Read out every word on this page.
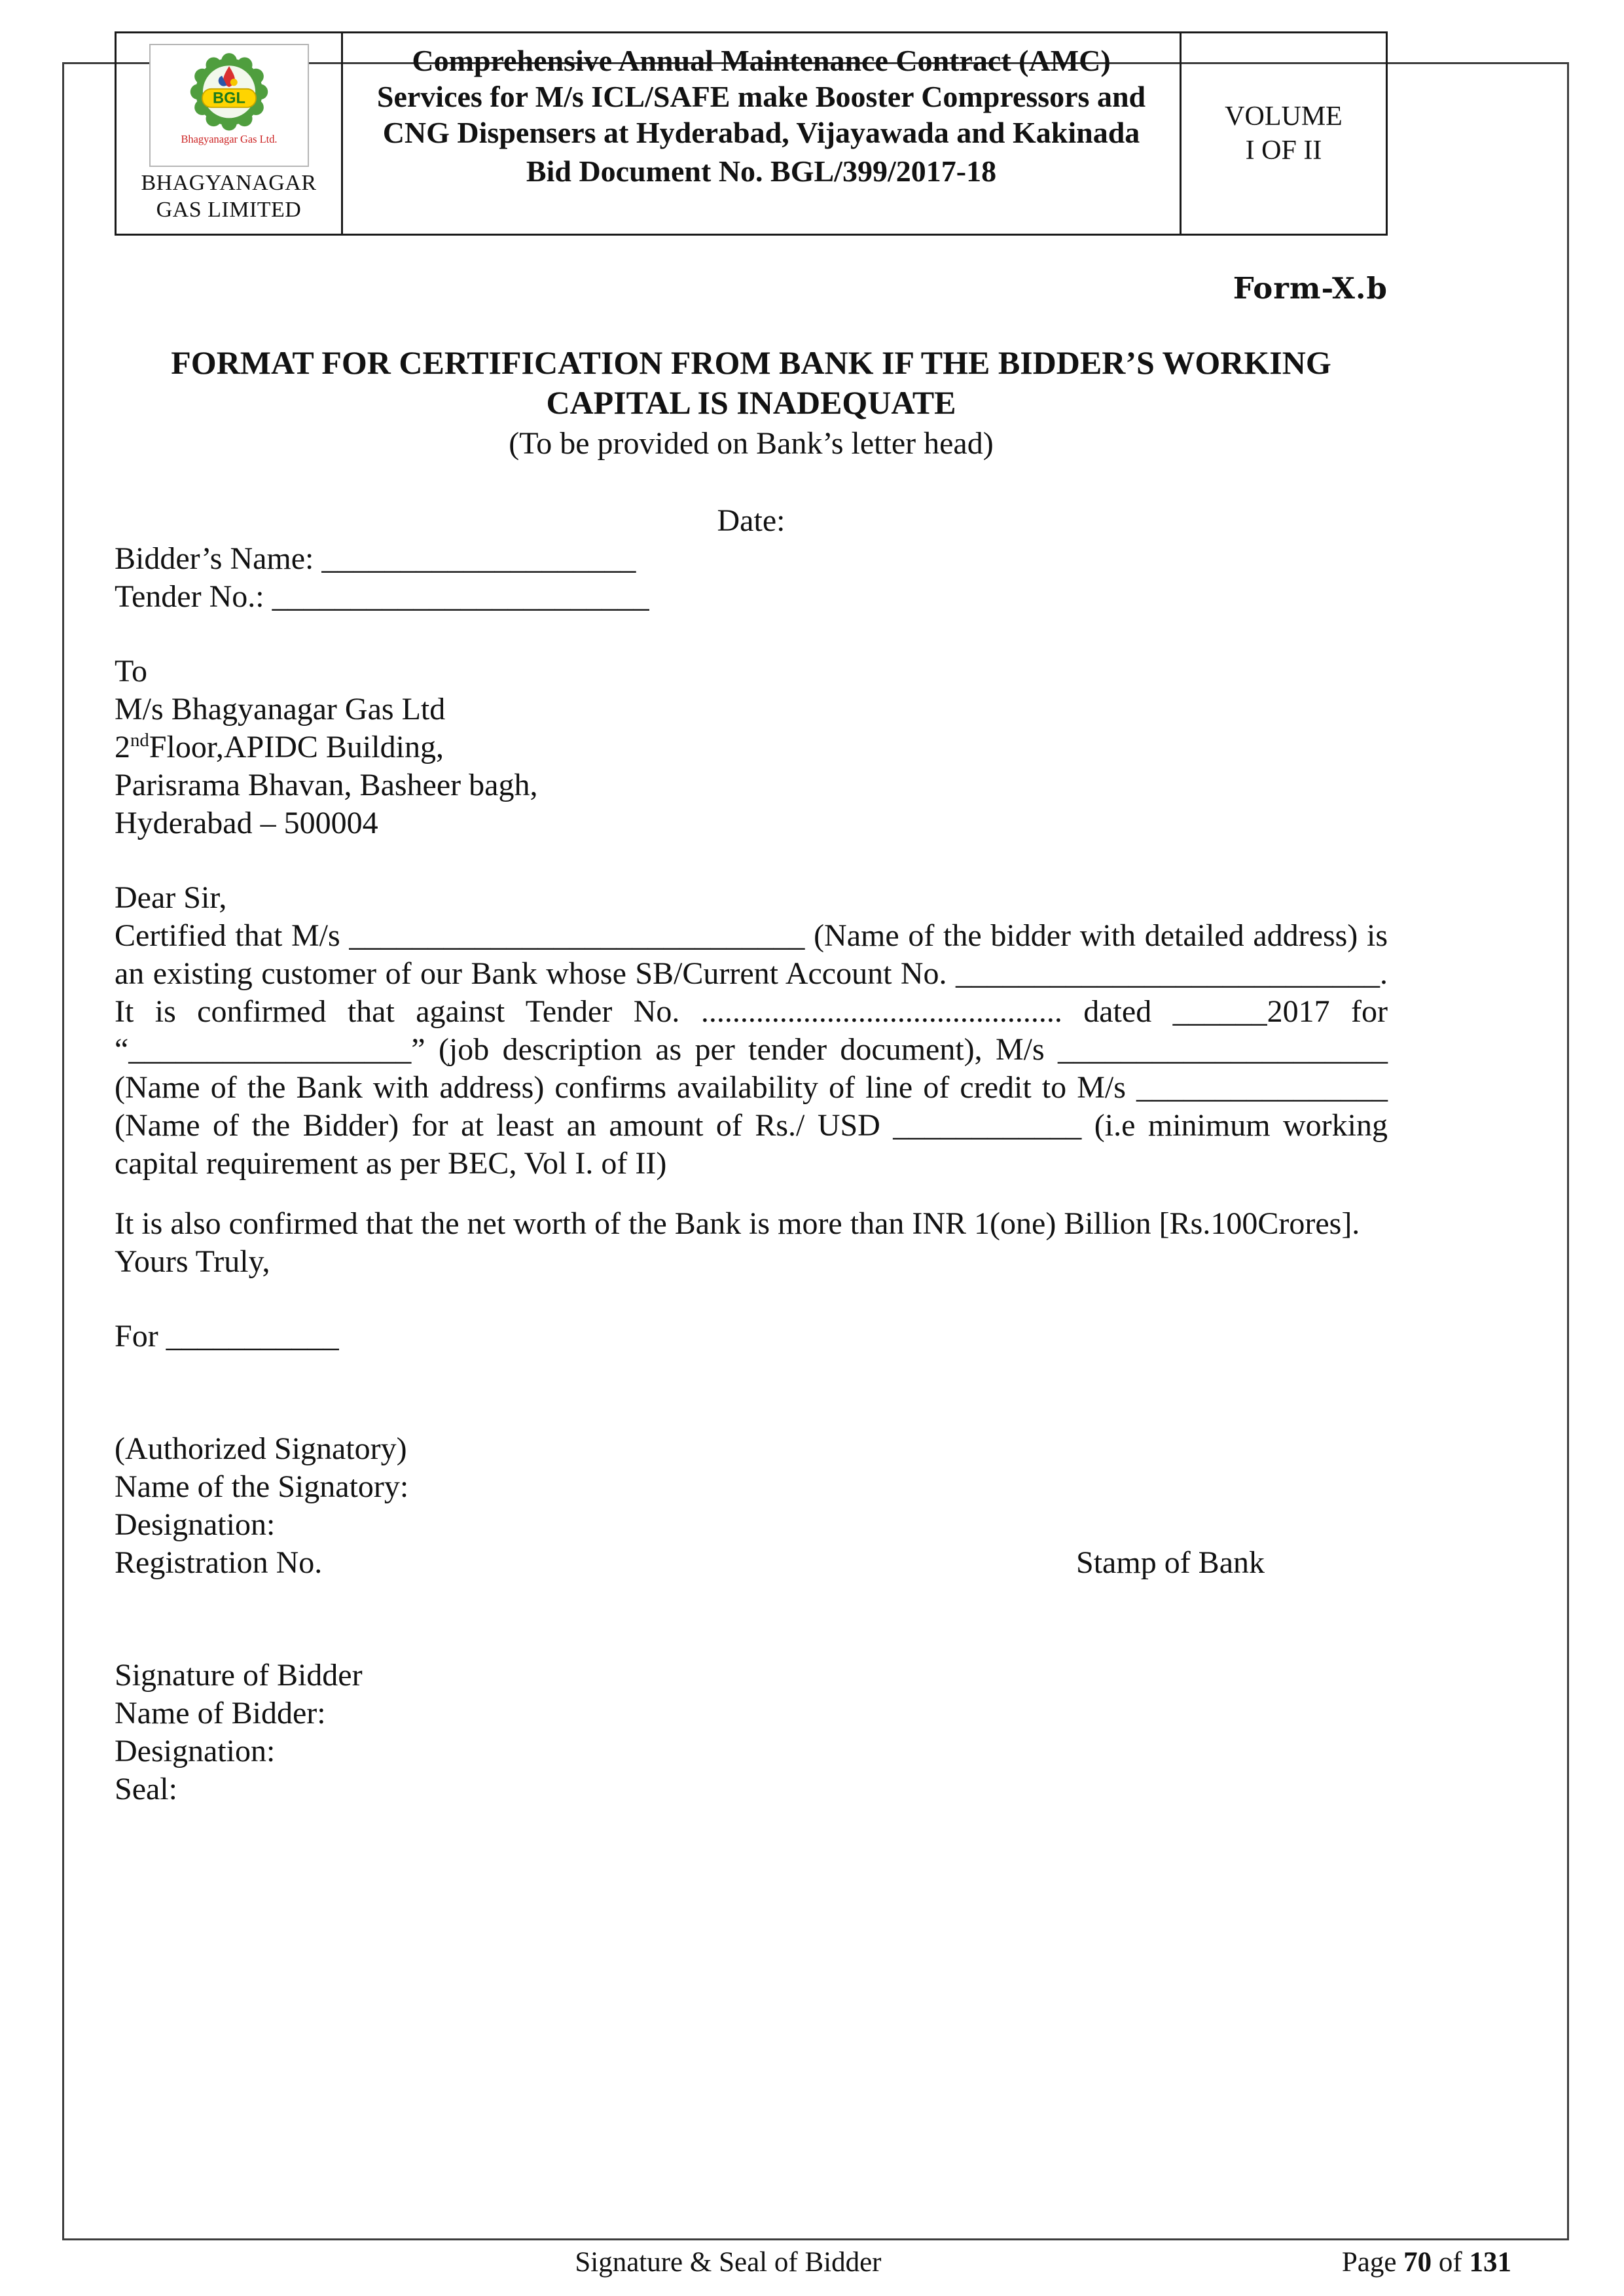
BGL
Bhagyanagar Gas Ltd.
BHAGYANAGAR
GAS LIMITED
Comprehensive Annual Maintenance Contract (AMC) Services for M/s ICL/SAFE make Booster Compressors and CNG Dispensers at Hyderabad, Vijayawada and Kakinada
Bid Document No. BGL/399/2017-18
VOLUME
I OF II
Form-X.b
FORMAT FOR CERTIFICATION FROM BANK IF THE BIDDER’S WORKING
CAPITAL IS INADEQUATE
(To be provided on Bank’s letter head)
Date:
Bidder’s Name: ____________________
Tender No.: ________________________
To
M/s Bhagyanagar Gas Ltd
2ndFloor,APIDC Building,
Parisrama Bhavan, Basheer bagh,
Hyderabad – 500004
Dear Sir,
Certified that M/s _____________________________ (Name of the bidder with detailed address) is an existing customer of our Bank whose SB/Current Account No. ___________________________. It is confirmed that against Tender No. .............................................. dated ______2017 for “__________________” (job description as per tender document), M/s _____________________ (Name of the Bank with address) confirms availability of line of credit to M/s ________________ (Name of the Bidder) for at least an amount of Rs./ USD ____________ (i.e minimum working capital requirement as per BEC, Vol I. of II)
It is also confirmed that the net worth of the Bank is more than INR 1(one) Billion [Rs.100Crores].
Yours Truly,
For ___________
(Authorized Signatory)
Name of the Signatory:
Designation:
Registration No.	Stamp of Bank
Signature of Bidder
Name of Bidder:
Designation:
Seal:
Signature & Seal of Bidder	Page 70 of 131
